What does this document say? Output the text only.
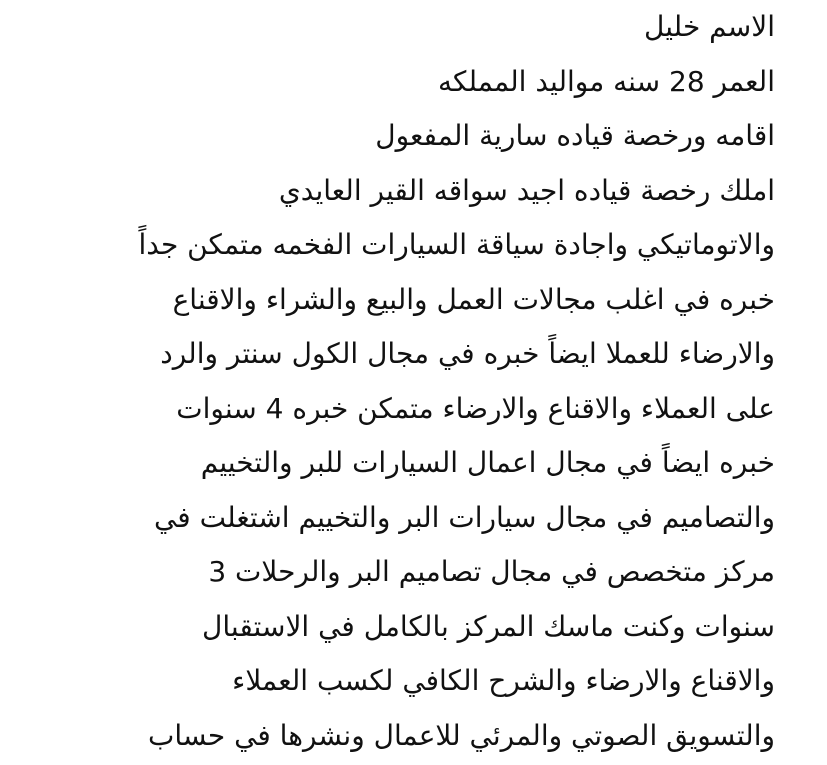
الاسم خليل
العمر 28 سنه مواليد المملكه
اقامه ورخصة قياده سارية المفعول
املك رخصة قياده اجيد سواقه القير العايدي
والاتوماتيكي واجادة سياقة السيارات الفخمه متمكن جداً
خبره في اغلب مجالات العمل والبيع والشراء والاقناع
والارضاء للعملا ايضاً خبره في مجال الكول سنتر والرد
على العملاء والاقناع والارضاء متمكن خبره 4 سنوات
خبره ايضاً في مجال اعمال السيارات للبر والتخييم
والتصاميم في مجال سيارات البر والتخييم اشتغلت في
مركز متخصص في مجال تصاميم البر والرحلات 3
سنوات وكنت ماسك المركز بالكامل في الاستقبال
والاقناع والارضاء والشرح الكافي لكسب العملاء
والتسويق الصوتي والمرئي للاعمال ونشرها في حساب
